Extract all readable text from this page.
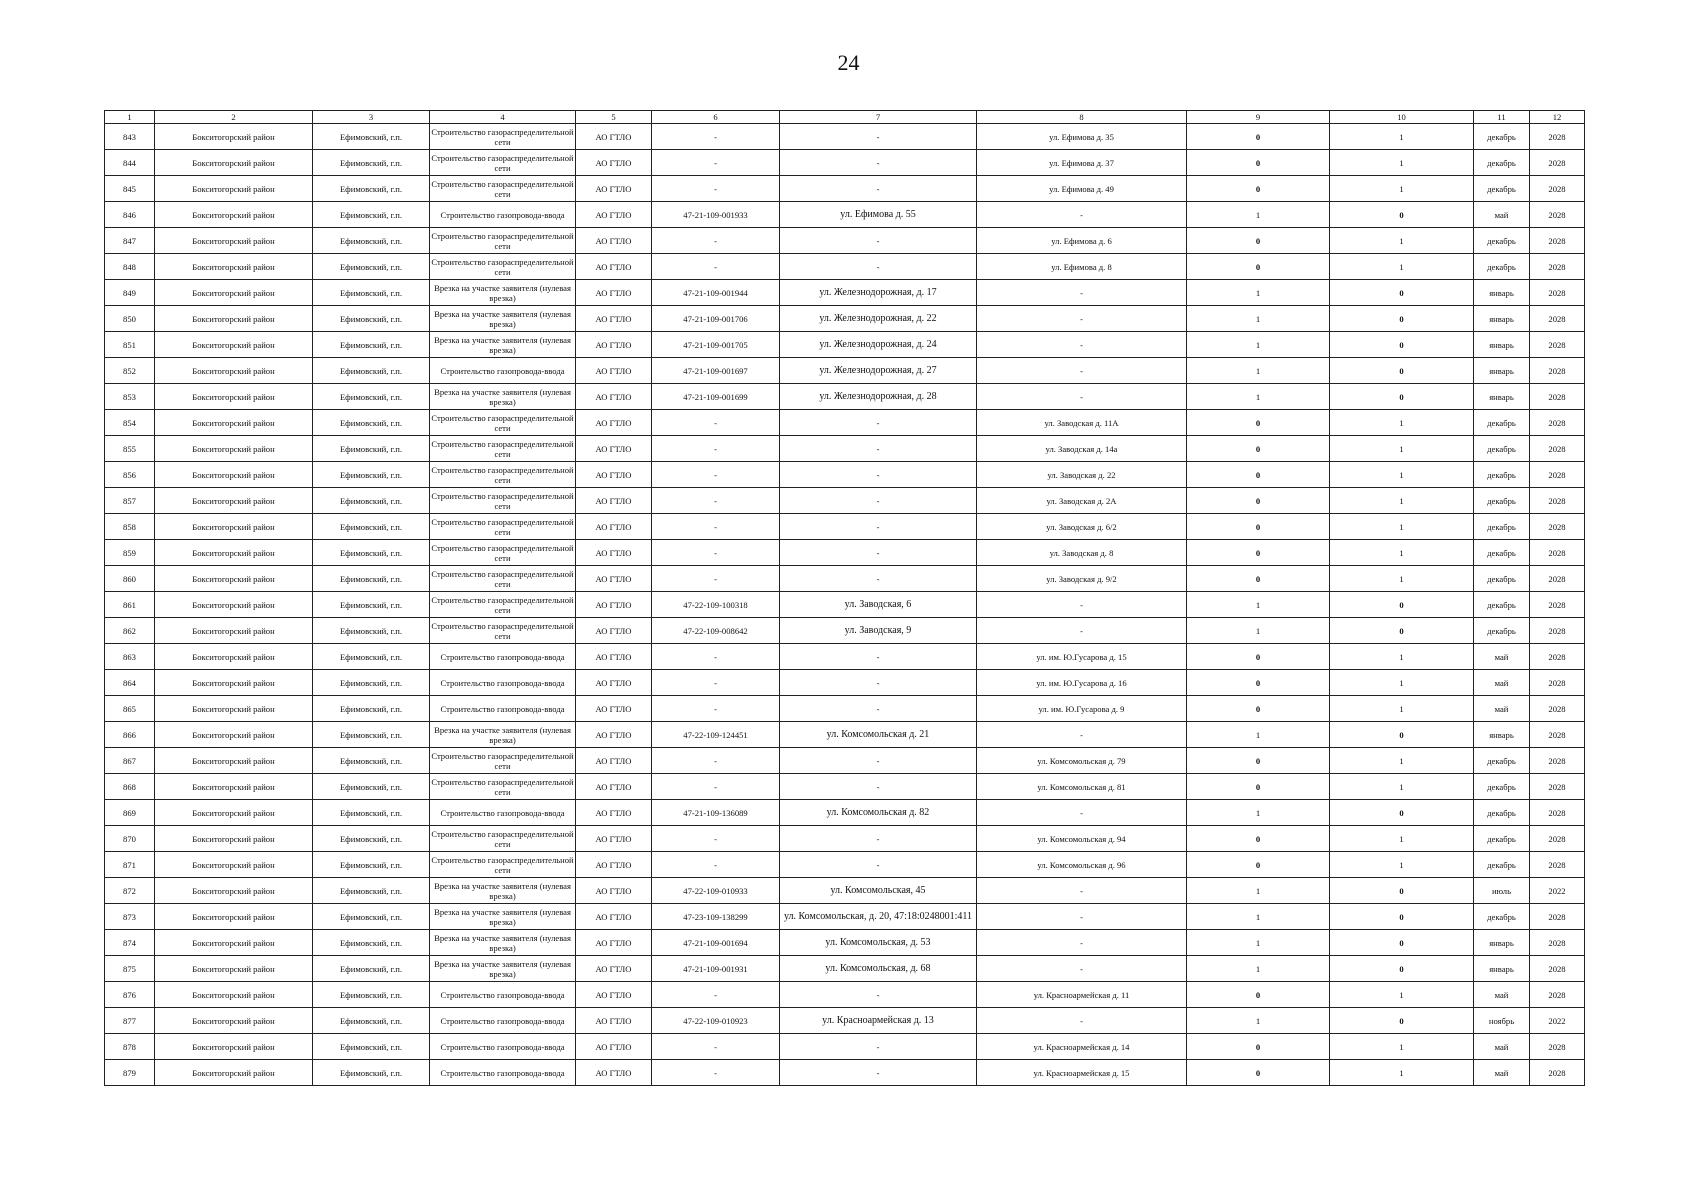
24
1	2	3	4	5	6	7	8	9	10	11	12
843	Бокситогорский район	Ефимовский, г.п.	Строительство газораспределительной сети	АО ГТЛО	-	-	ул. Ефимова д. 35	0	1	декабрь	2028
844	Бокситогорский район	Ефимовский, г.п.	Строительство газораспределительной сети	АО ГТЛО	-	-	ул. Ефимова д. 37	0	1	декабрь	2028
845	Бокситогорский район	Ефимовский, г.п.	Строительство газораспределительной сети	АО ГТЛО	-	-	ул. Ефимова д. 49	0	1	декабрь	2028
846	Бокситогорский район	Ефимовский, г.п.	Строительство газопровода-ввода	АО ГТЛО	47-21-109-001933	ул. Ефимова д. 55	-	1	0	май	2028
847	Бокситогорский район	Ефимовский, г.п.	Строительство газораспределительной сети	АО ГТЛО	-	-	ул. Ефимова д. 6	0	1	декабрь	2028
848	Бокситогорский район	Ефимовский, г.п.	Строительство газораспределительной сети	АО ГТЛО	-	-	ул. Ефимова д. 8	0	1	декабрь	2028
849	Бокситогорский район	Ефимовский, г.п.	Врезка на участке заявителя (нулевая врезка)	АО ГТЛО	47-21-109-001944	ул. Железнодорожная, д. 17	-	1	0	январь	2028
850	Бокситогорский район	Ефимовский, г.п.	Врезка на участке заявителя (нулевая врезка)	АО ГТЛО	47-21-109-001706	ул. Железнодорожная, д. 22	-	1	0	январь	2028
851	Бокситогорский район	Ефимовский, г.п.	Врезка на участке заявителя (нулевая врезка)	АО ГТЛО	47-21-109-001705	ул. Железнодорожная, д. 24	-	1	0	январь	2028
852	Бокситогорский район	Ефимовский, г.п.	Строительство газопровода-ввода	АО ГТЛО	47-21-109-001697	ул. Железнодорожная, д. 27	-	1	0	январь	2028
853	Бокситогорский район	Ефимовский, г.п.	Врезка на участке заявителя (нулевая врезка)	АО ГТЛО	47-21-109-001699	ул. Железнодорожная, д. 28	-	1	0	январь	2028
854	Бокситогорский район	Ефимовский, г.п.	Строительство газораспределительной сети	АО ГТЛО	-	-	ул. Заводская д. 11А	0	1	декабрь	2028
855	Бокситогорский район	Ефимовский, г.п.	Строительство газораспределительной сети	АО ГТЛО	-	-	ул. Заводская д. 14а	0	1	декабрь	2028
856	Бокситогорский район	Ефимовский, г.п.	Строительство газораспределительной сети	АО ГТЛО	-	-	ул. Заводская д. 22	0	1	декабрь	2028
857	Бокситогорский район	Ефимовский, г.п.	Строительство газораспределительной сети	АО ГТЛО	-	-	ул. Заводская д. 2А	0	1	декабрь	2028
858	Бокситогорский район	Ефимовский, г.п.	Строительство газораспределительной сети	АО ГТЛО	-	-	ул. Заводская д. 6/2	0	1	декабрь	2028
859	Бокситогорский район	Ефимовский, г.п.	Строительство газораспределительной сети	АО ГТЛО	-	-	ул. Заводская д. 8	0	1	декабрь	2028
860	Бокситогорский район	Ефимовский, г.п.	Строительство газораспределительной сети	АО ГТЛО	-	-	ул. Заводская д. 9/2	0	1	декабрь	2028
861	Бокситогорский район	Ефимовский, г.п.	Строительство газораспределительной сети	АО ГТЛО	47-22-109-100318	ул. Заводская, 6	-	1	0	декабрь	2028
862	Бокситогорский район	Ефимовский, г.п.	Строительство газораспределительной сети	АО ГТЛО	47-22-109-008642	ул. Заводская, 9	-	1	0	декабрь	2028
863	Бокситогорский район	Ефимовский, г.п.	Строительство газопровода-ввода	АО ГТЛО	-	-	ул. им. Ю.Гусарова д. 15	0	1	май	2028
864	Бокситогорский район	Ефимовский, г.п.	Строительство газопровода-ввода	АО ГТЛО	-	-	ул. им. Ю.Гусарова д. 16	0	1	май	2028
865	Бокситогорский район	Ефимовский, г.п.	Строительство газопровода-ввода	АО ГТЛО	-	-	ул. им. Ю.Гусарова д. 9	0	1	май	2028
866	Бокситогорский район	Ефимовский, г.п.	Врезка на участке заявителя (нулевая врезка)	АО ГТЛО	47-22-109-124451	ул. Комсомольская д. 21	-	1	0	январь	2028
867	Бокситогорский район	Ефимовский, г.п.	Строительство газораспределительной сети	АО ГТЛО	-	-	ул. Комсомольская д. 79	0	1	декабрь	2028
868	Бокситогорский район	Ефимовский, г.п.	Строительство газораспределительной сети	АО ГТЛО	-	-	ул. Комсомольская д. 81	0	1	декабрь	2028
869	Бокситогорский район	Ефимовский, г.п.	Строительство газопровода-ввода	АО ГТЛО	47-21-109-136089	ул. Комсомольская д. 82	-	1	0	декабрь	2028
870	Бокситогорский район	Ефимовский, г.п.	Строительство газораспределительной сети	АО ГТЛО	-	-	ул. Комсомольская д. 94	0	1	декабрь	2028
871	Бокситогорский район	Ефимовский, г.п.	Строительство газораспределительной сети	АО ГТЛО	-	-	ул. Комсомольская д. 96	0	1	декабрь	2028
872	Бокситогорский район	Ефимовский, г.п.	Врезка на участке заявителя (нулевая врезка)	АО ГТЛО	47-22-109-010933	ул. Комсомольская, 45	-	1	0	июль	2022
873	Бокситогорский район	Ефимовский, г.п.	Врезка на участке заявителя (нулевая врезка)	АО ГТЛО	47-23-109-138299	ул. Комсомольская, д. 20, 47:18:0248001:411	-	1	0	декабрь	2028
874	Бокситогорский район	Ефимовский, г.п.	Врезка на участке заявителя (нулевая врезка)	АО ГТЛО	47-21-109-001694	ул. Комсомольская, д. 53	-	1	0	январь	2028
875	Бокситогорский район	Ефимовский, г.п.	Врезка на участке заявителя (нулевая врезка)	АО ГТЛО	47-21-109-001931	ул. Комсомольская, д. 68	-	1	0	январь	2028
876	Бокситогорский район	Ефимовский, г.п.	Строительство газопровода-ввода	АО ГТЛО	-	-	ул. Красноармейская д. 11	0	1	май	2028
877	Бокситогорский район	Ефимовский, г.п.	Строительство газопровода-ввода	АО ГТЛО	47-22-109-010923	ул. Красноармейская д. 13	-	1	0	ноябрь	2022
878	Бокситогорский район	Ефимовский, г.п.	Строительство газопровода-ввода	АО ГТЛО	-	-	ул. Красноармейская д. 14	0	1	май	2028
879	Бокситогорский район	Ефимовский, г.п.	Строительство газопровода-ввода	АО ГТЛО	-	-	ул. Красноармейская д. 15	0	1	май	2028
